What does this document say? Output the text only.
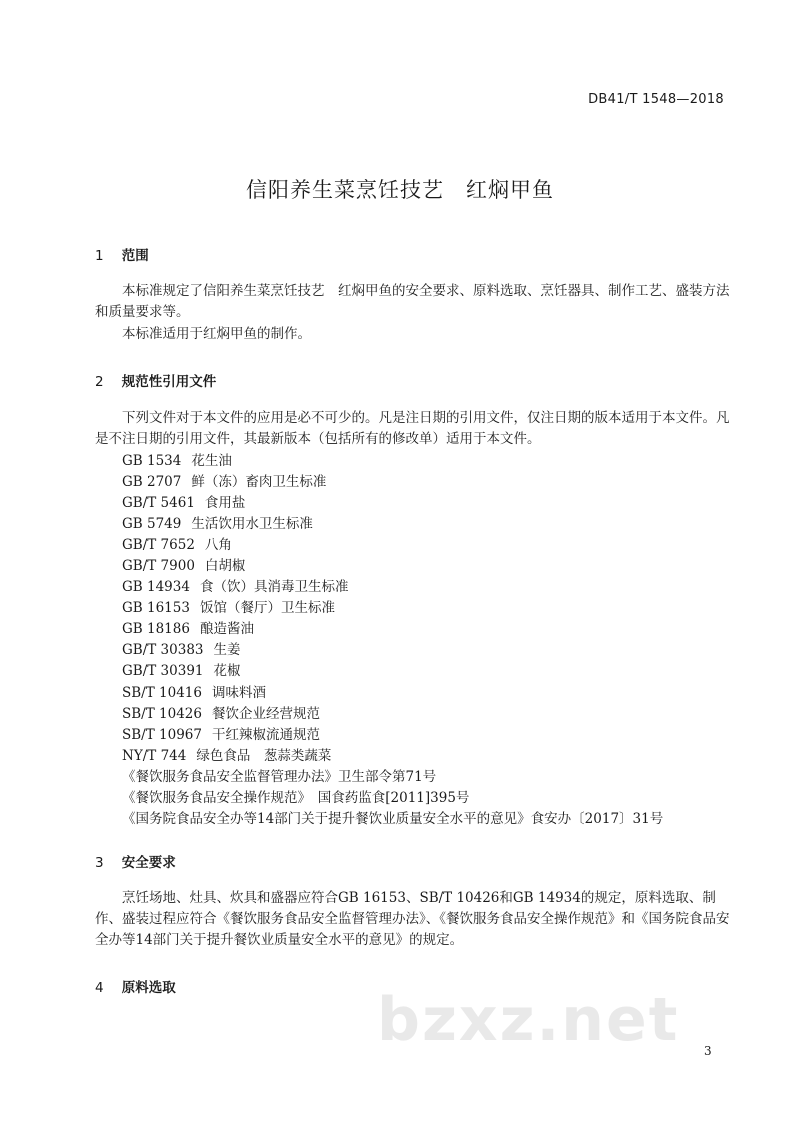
DB41/T 1548—2018
信阳养生菜烹饪技艺　红焖甲鱼
1 范围

本标准规定了信阳养生菜烹饪技艺　红焖甲鱼的安全要求、原料选取、烹饪器具、制作工艺、盛装方法和质量要求等。

本标准适用于红焖甲鱼的制作。

2 规范性引用文件

下列文件对于本文件的应用是必不可少的。凡是注日期的引用文件，仅注日期的版本适用于本文件。凡是不注日期的引用文件，其最新版本（包括所有的修改单）适用于本文件。

GB 1534 花生油
GB 2707 鲜（冻）畜肉卫生标准
GB/T 5461 食用盐
GB 5749 生活饮用水卫生标准
GB/T 7652 八角
GB/T 7900 白胡椒
GB 14934 食（饮）具消毒卫生标准
GB 16153 饭馆（餐厅）卫生标准
GB 18186 酿造酱油
GB/T 30383 生姜
GB/T 30391 花椒
SB/T 10416 调味料酒
SB/T 10426 餐饮企业经营规范
SB/T 10967 干红辣椒流通规范
NY/T 744 绿色食品　葱蒜类蔬菜
《餐饮服务食品安全监督管理办法》卫生部令第71号
《餐饮服务食品安全操作规范》　国食药监食[2011]395号
《国务院食品安全办等14部门关于提升餐饮业质量安全水平的意见》食安办〔2017〕31号
3 安全要求

烹饪场地、灶具、炊具和盛器应符合GB 16153、SB/T 10426和GB 14934的规定，原料选取、制作、盛装过程应符合《餐饮服务食品安全监督管理办法》、《餐饮服务食品安全操作规范》和《国务院食品安全办等14部门关于提升餐饮业质量安全水平的意见》的规定。

4 原料选取	bzxz.net 3
